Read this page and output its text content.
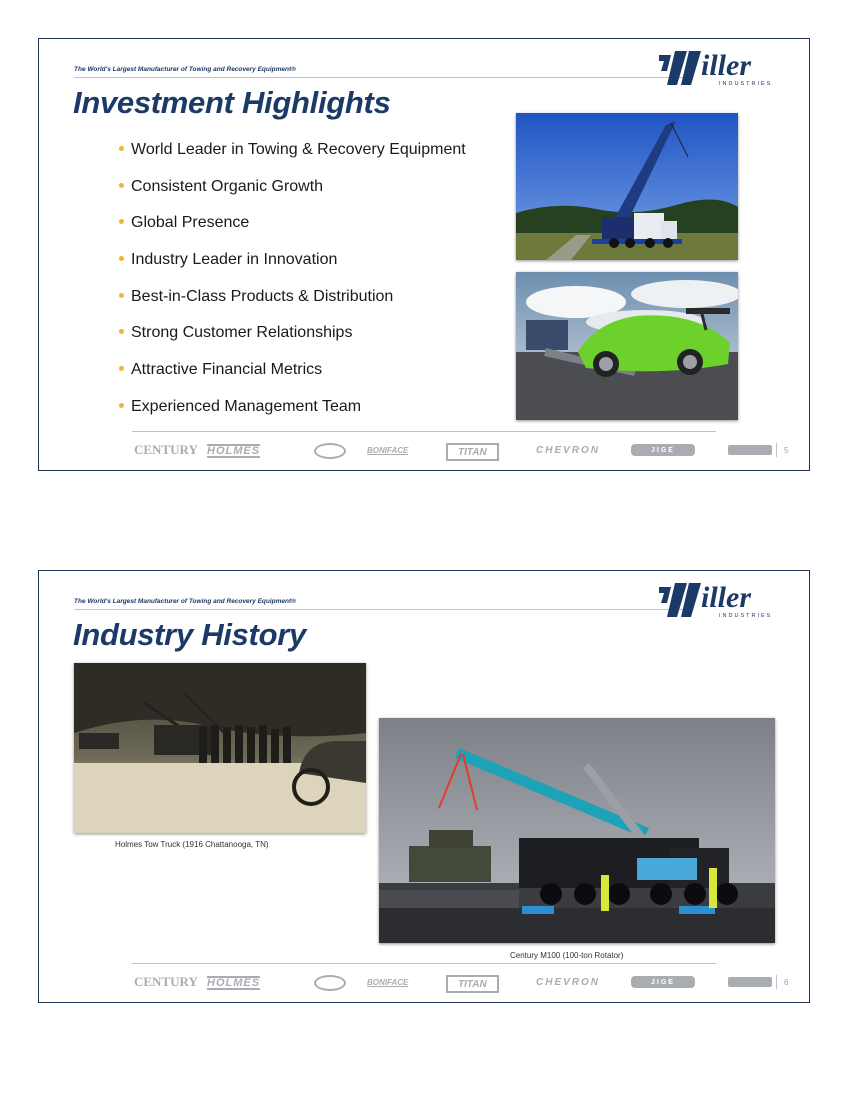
The World's Largest Manufacturer of Towing and Recovery Equipment®	iller
INDUSTRIES
Investment Highlights
World Leader in Towing & Recovery Equipment
Consistent Organic Growth
Global Presence
Industry Leader in Innovation
Best-in-Class Products & Distribution
Strong Customer Relationships
Attractive Financial Metrics
Experienced Management Team
CENTURY HOLMES	BONIFACE	TITAN	CHEVRON	JIGE	5
The World's Largest Manufacturer of Towing and Recovery Equipment®	iller
INDUSTRIES
Industry History
Holmes Tow Truck (1916 Chattanooga, TN)
Century M100 (100-ton Rotator)
CENTURY HOLMES	BONIFACE	TITAN	CHEVRON	JIGE	6
